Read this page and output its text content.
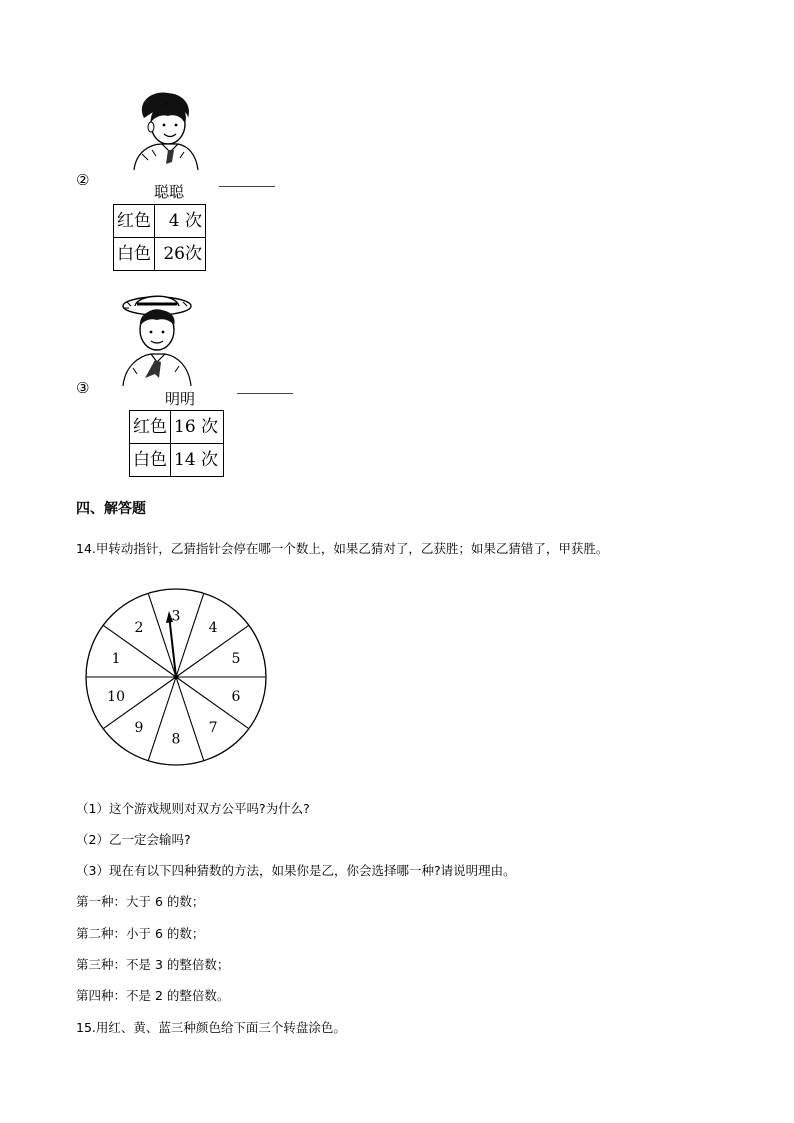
②
聪聪
红色	4 次
白色	26次
③
明明
红色	16 次
白色	14 次
四、解答题
14.甲转动指针，乙猜指针会停在哪一个数上，如果乙猜对了，乙获胜；如果乙猜错了，甲获胜。
3
4
5
6
7
8
9
10
1
2
（1）这个游戏规则对双方公平吗?为什么?
（2）乙一定会输吗?
（3）现在有以下四种猜数的方法，如果你是乙，你会选择哪一种?请说明理由。
第一种：大于 6 的数；
第二种：小于 6 的数；
第三种：不是 3 的整倍数；
第四种：不是 2 的整倍数。
15.用红、黄、蓝三种颜色给下面三个转盘涂色。
